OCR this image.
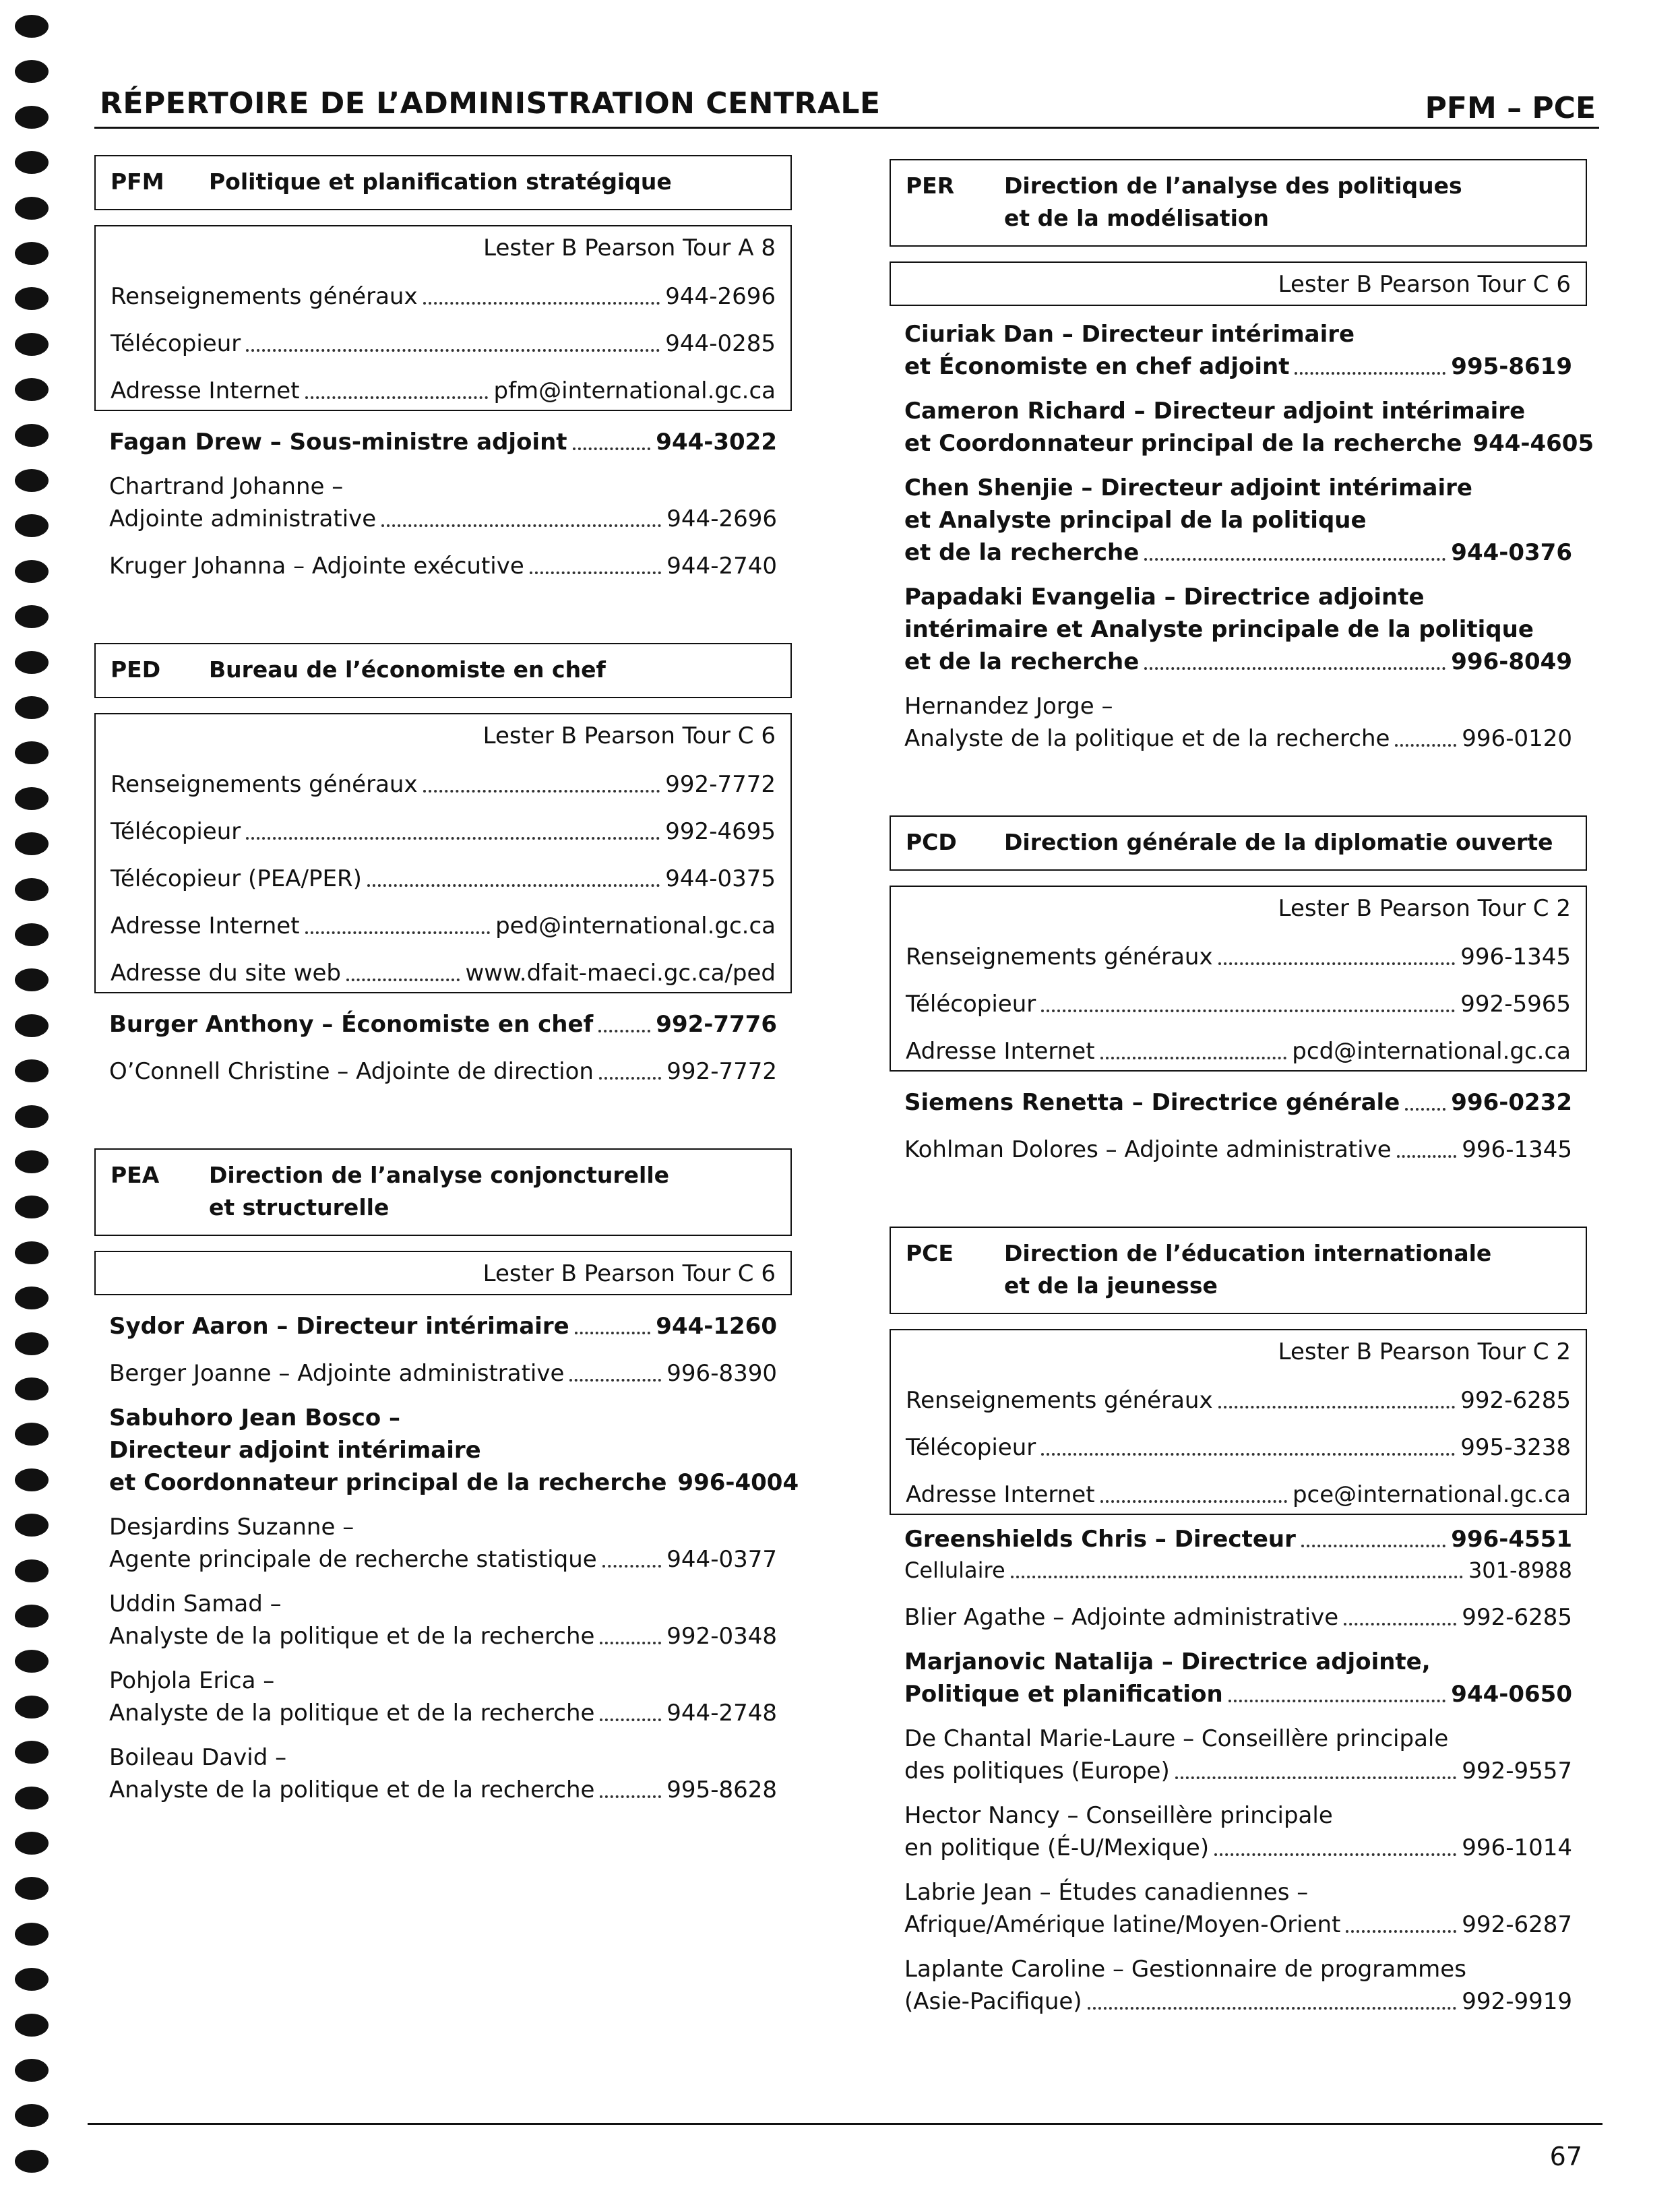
RÉPERTOIRE DE L’ADMINISTRATION CENTRALE	PFM – PCE
PFM	Politique et planification stratégique
Lester B Pearson Tour A 8
Renseignements généraux	944-2696
Télécopieur	944-0285
Adresse Internet	pfm@international.gc.ca
Fagan Drew – Sous-ministre adjoint	944-3022
Chartrand Johanne –
Adjointe administrative	944-2696
Kruger Johanna – Adjointe exécutive	944-2740
PED	Bureau de l’économiste en chef
Lester B Pearson Tour C 6
Renseignements généraux	992-7772
Télécopieur	992-4695
Télécopieur (PEA/PER)	944-0375
Adresse Internet	ped@international.gc.ca
Adresse du site web	www.dfait-maeci.gc.ca/ped
Burger Anthony – Économiste en chef	992-7776
O’Connell Christine – Adjointe de direction	992-7772
PEA	Direction de l’analyse conjoncturelle
et structurelle
Lester B Pearson Tour C 6
Sydor Aaron – Directeur intérimaire	944-1260
Berger Joanne – Adjointe administrative	996-8390
Sabuhoro Jean Bosco –
Directeur adjoint intérimaire
et Coordonnateur principal de la recherche 996-4004
Desjardins Suzanne –
Agente principale de recherche statistique	944-0377
Uddin Samad –
Analyste de la politique et de la recherche	992-0348
Pohjola Erica –
Analyste de la politique et de la recherche	944-2748
Boileau David –
Analyste de la politique et de la recherche	995-8628
PER	Direction de l’analyse des politiques
et de la modélisation
Lester B Pearson Tour C 6
Ciuriak Dan – Directeur intérimaire
et Économiste en chef adjoint	995-8619
Cameron Richard – Directeur adjoint intérimaire
et Coordonnateur principal de la recherche 944-4605
Chen Shenjie – Directeur adjoint intérimaire
et Analyste principal de la politique
et de la recherche	944-0376
Papadaki Evangelia – Directrice adjointe
intérimaire et Analyste principale de la politique
et de la recherche	996-8049
Hernandez Jorge –
Analyste de la politique et de la recherche	996-0120
PCD	Direction générale de la diplomatie ouverte
Lester B Pearson Tour C 2
Renseignements généraux	996-1345
Télécopieur	992-5965
Adresse Internet	pcd@international.gc.ca
Siemens Renetta – Directrice générale 996-0232
Kohlman Dolores – Adjointe administrative	996-1345
PCE	Direction de l’éducation internationale
et de la jeunesse
Lester B Pearson Tour C 2
Renseignements généraux	992-6285
Télécopieur	995-3238
Adresse Internet	pce@international.gc.ca
Greenshields Chris – Directeur	996-4551
Cellulaire	301-8988
Blier Agathe – Adjointe administrative	992-6285
Marjanovic Natalija – Directrice adjointe,
Politique et planification	944-0650
De Chantal Marie-Laure – Conseillère principale
des politiques (Europe)	992-9557
Hector Nancy – Conseillère principale
en politique (É-U/Mexique)	996-1014
Labrie Jean – Études canadiennes –
Afrique/Amérique latine/Moyen-Orient	992-6287
Laplante Caroline – Gestionnaire de programmes
(Asie-Pacifique)	992-9919
67
